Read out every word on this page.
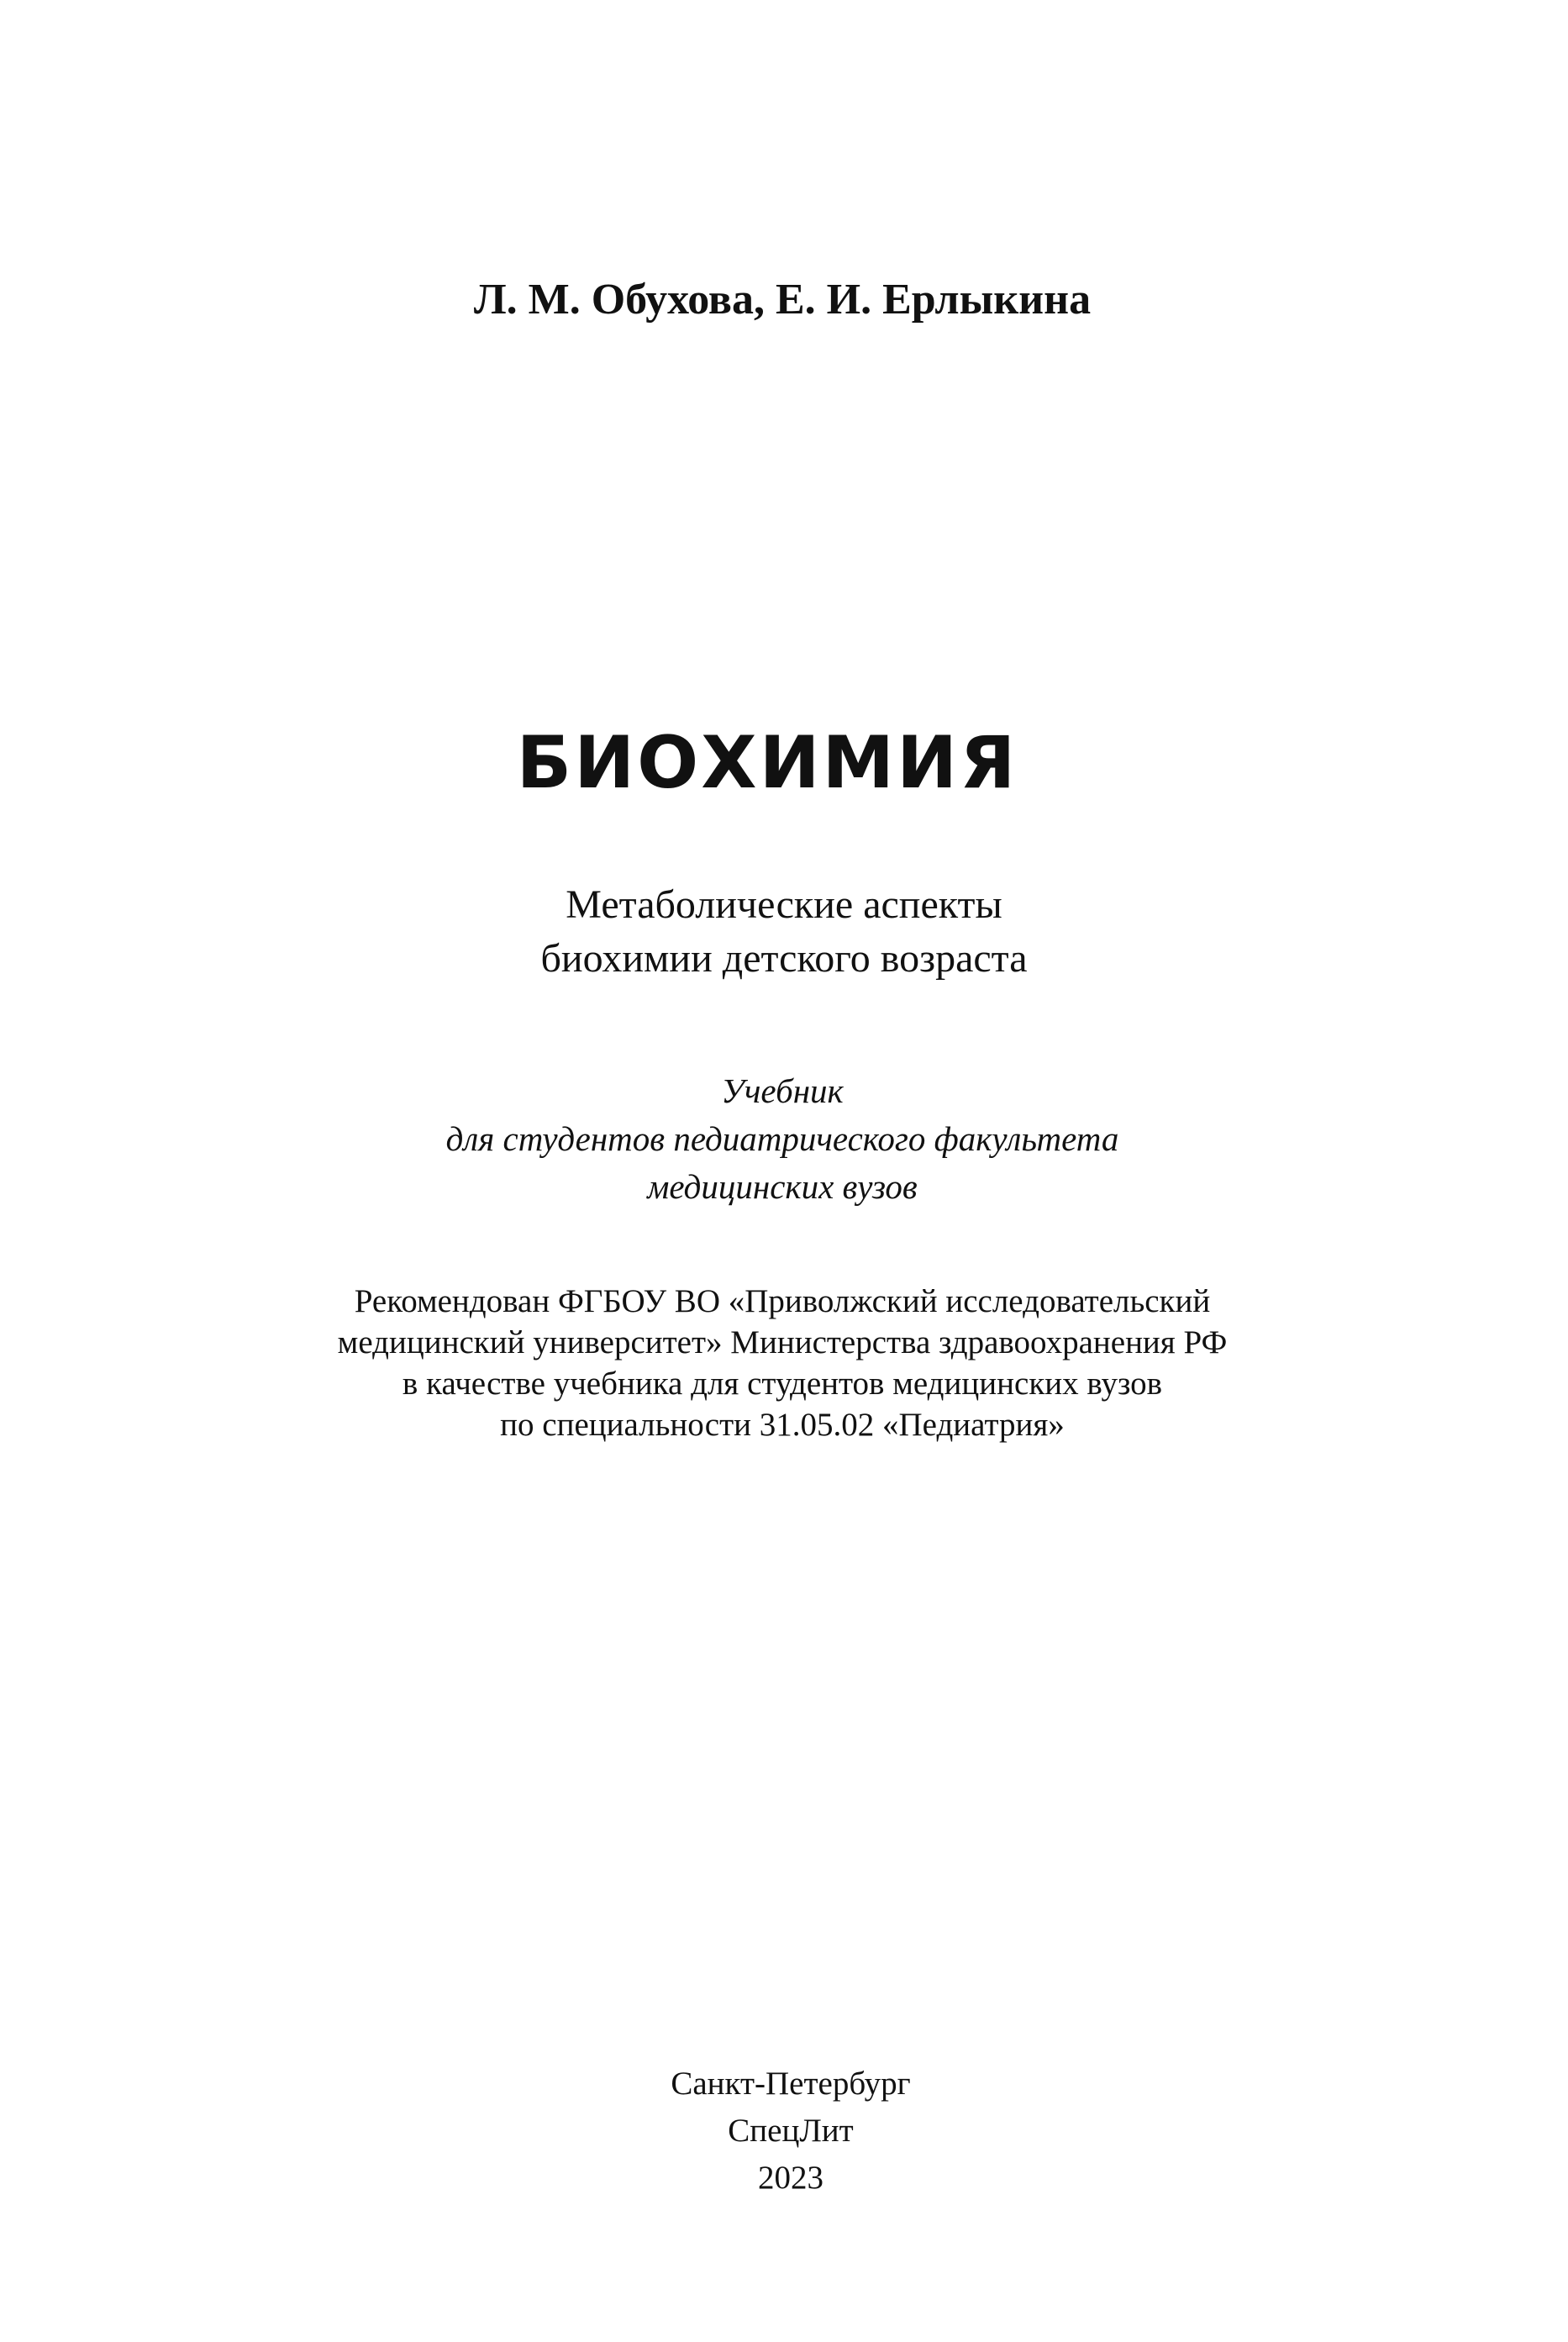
Л. М. Обухова, Е. И. Ерлыкина

БИОХИМИЯ
Метаболические аспекты
биохимии детского возраста
Учебник
для студентов педиатрического факультета
медицинских вузов
Рекомендован ФГБОУ ВО «Приволжский исследовательский
медицинский университет» Министерства здравоохранения РФ
в качестве учебника для студентов медицинских вузов
по специальности 31.05.02 «Педиатрия»
Санкт-Петербург
СпецЛит
2023
